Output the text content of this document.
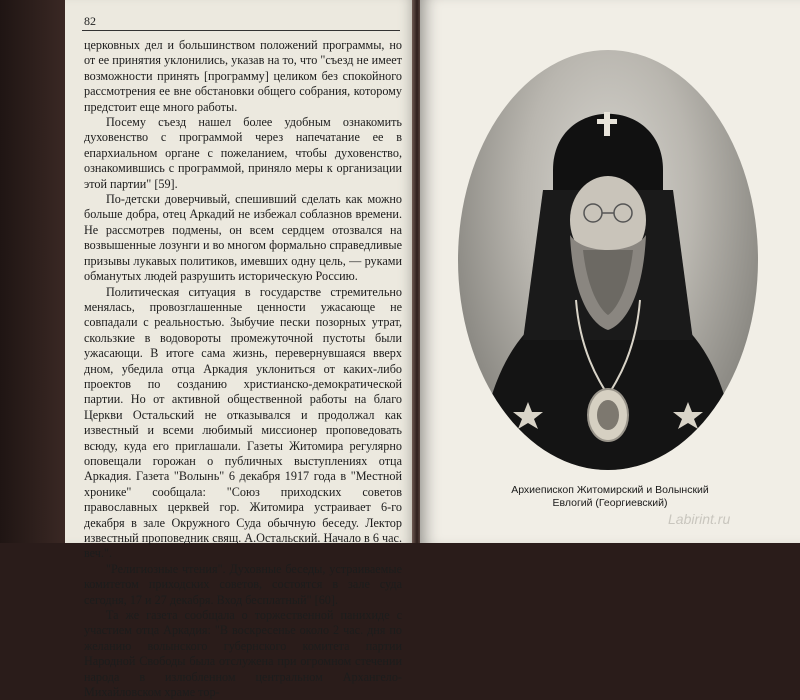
82

церковных дел и большинством положений программы, но от ее принятия уклонились, указав на то, что "съезд не имеет возможности принять [программу] целиком без спокойного рассмотрения ее вне обстановки общего собрания, которому предстоит еще много работы.

Посему съезд нашел более удобным ознакомить духовенство с программой через напечатание ее в епархиальном органе с пожеланием, чтобы духовенство, ознакомившись с программой, приняло меры к организации этой партии" [59].

По-детски доверчивый, спешивший сделать как можно больше добра, отец Аркадий не избежал соблазнов времени. Не рассмотрев подмены, он всем сердцем отозвался на возвышенные лозунги и во многом формально справедливые призывы лукавых политиков, имевших одну цель, — руками обманутых людей разрушить историческую Россию.

Политическая ситуация в государстве стремительно менялась, провозглашенные ценности ужасающе не совпадали с реальностью. Зыбучие пески позорных утрат, скользкие в водовороты промежуточной пустоты были ужасающи. В итоге сама жизнь, перевернувшаяся вверх дном, убедила отца Аркадия уклониться от каких-либо проектов по созданию христианско-демократической партии. Но от активной общественной работы на благо Церкви Остальский не отказывался и продолжал как известный и всеми любимый миссионер проповедовать всюду, куда его приглашали. Газеты Житомира регулярно оповещали горожан о публичных выступлениях отца Аркадия. Газета "Волынь" 6 декабря 1917 года в "Местной хронике" сообщала: "Союз приходских советов православных церквей гор. Житомира устраивает 6-го декабря в зале Окружного Суда обычную беседу. Лектор известный проповедник свящ. А.Остальский. Начало в 6 час. веч.".

"Религиозные чтения". Духовные беседы, устраиваемые комитетом приходских советов, состоятся в зале суда сегодня, 17 и 27 декабря. Вход бесплатный" [60].

Та же газета сообщала о торжественной панихиде с участием отца Аркадия: "В воскресенье около 2 час. дня по желанию волынского губернского комитета партии Народной Свободы была отслужена при огромном стечении народа в излюбленном центральном Архангело-Михайловском храме тор-

Архиепископ Житомирский и Волынский
Евлогий (Георгиевский)
Labirint.ru
